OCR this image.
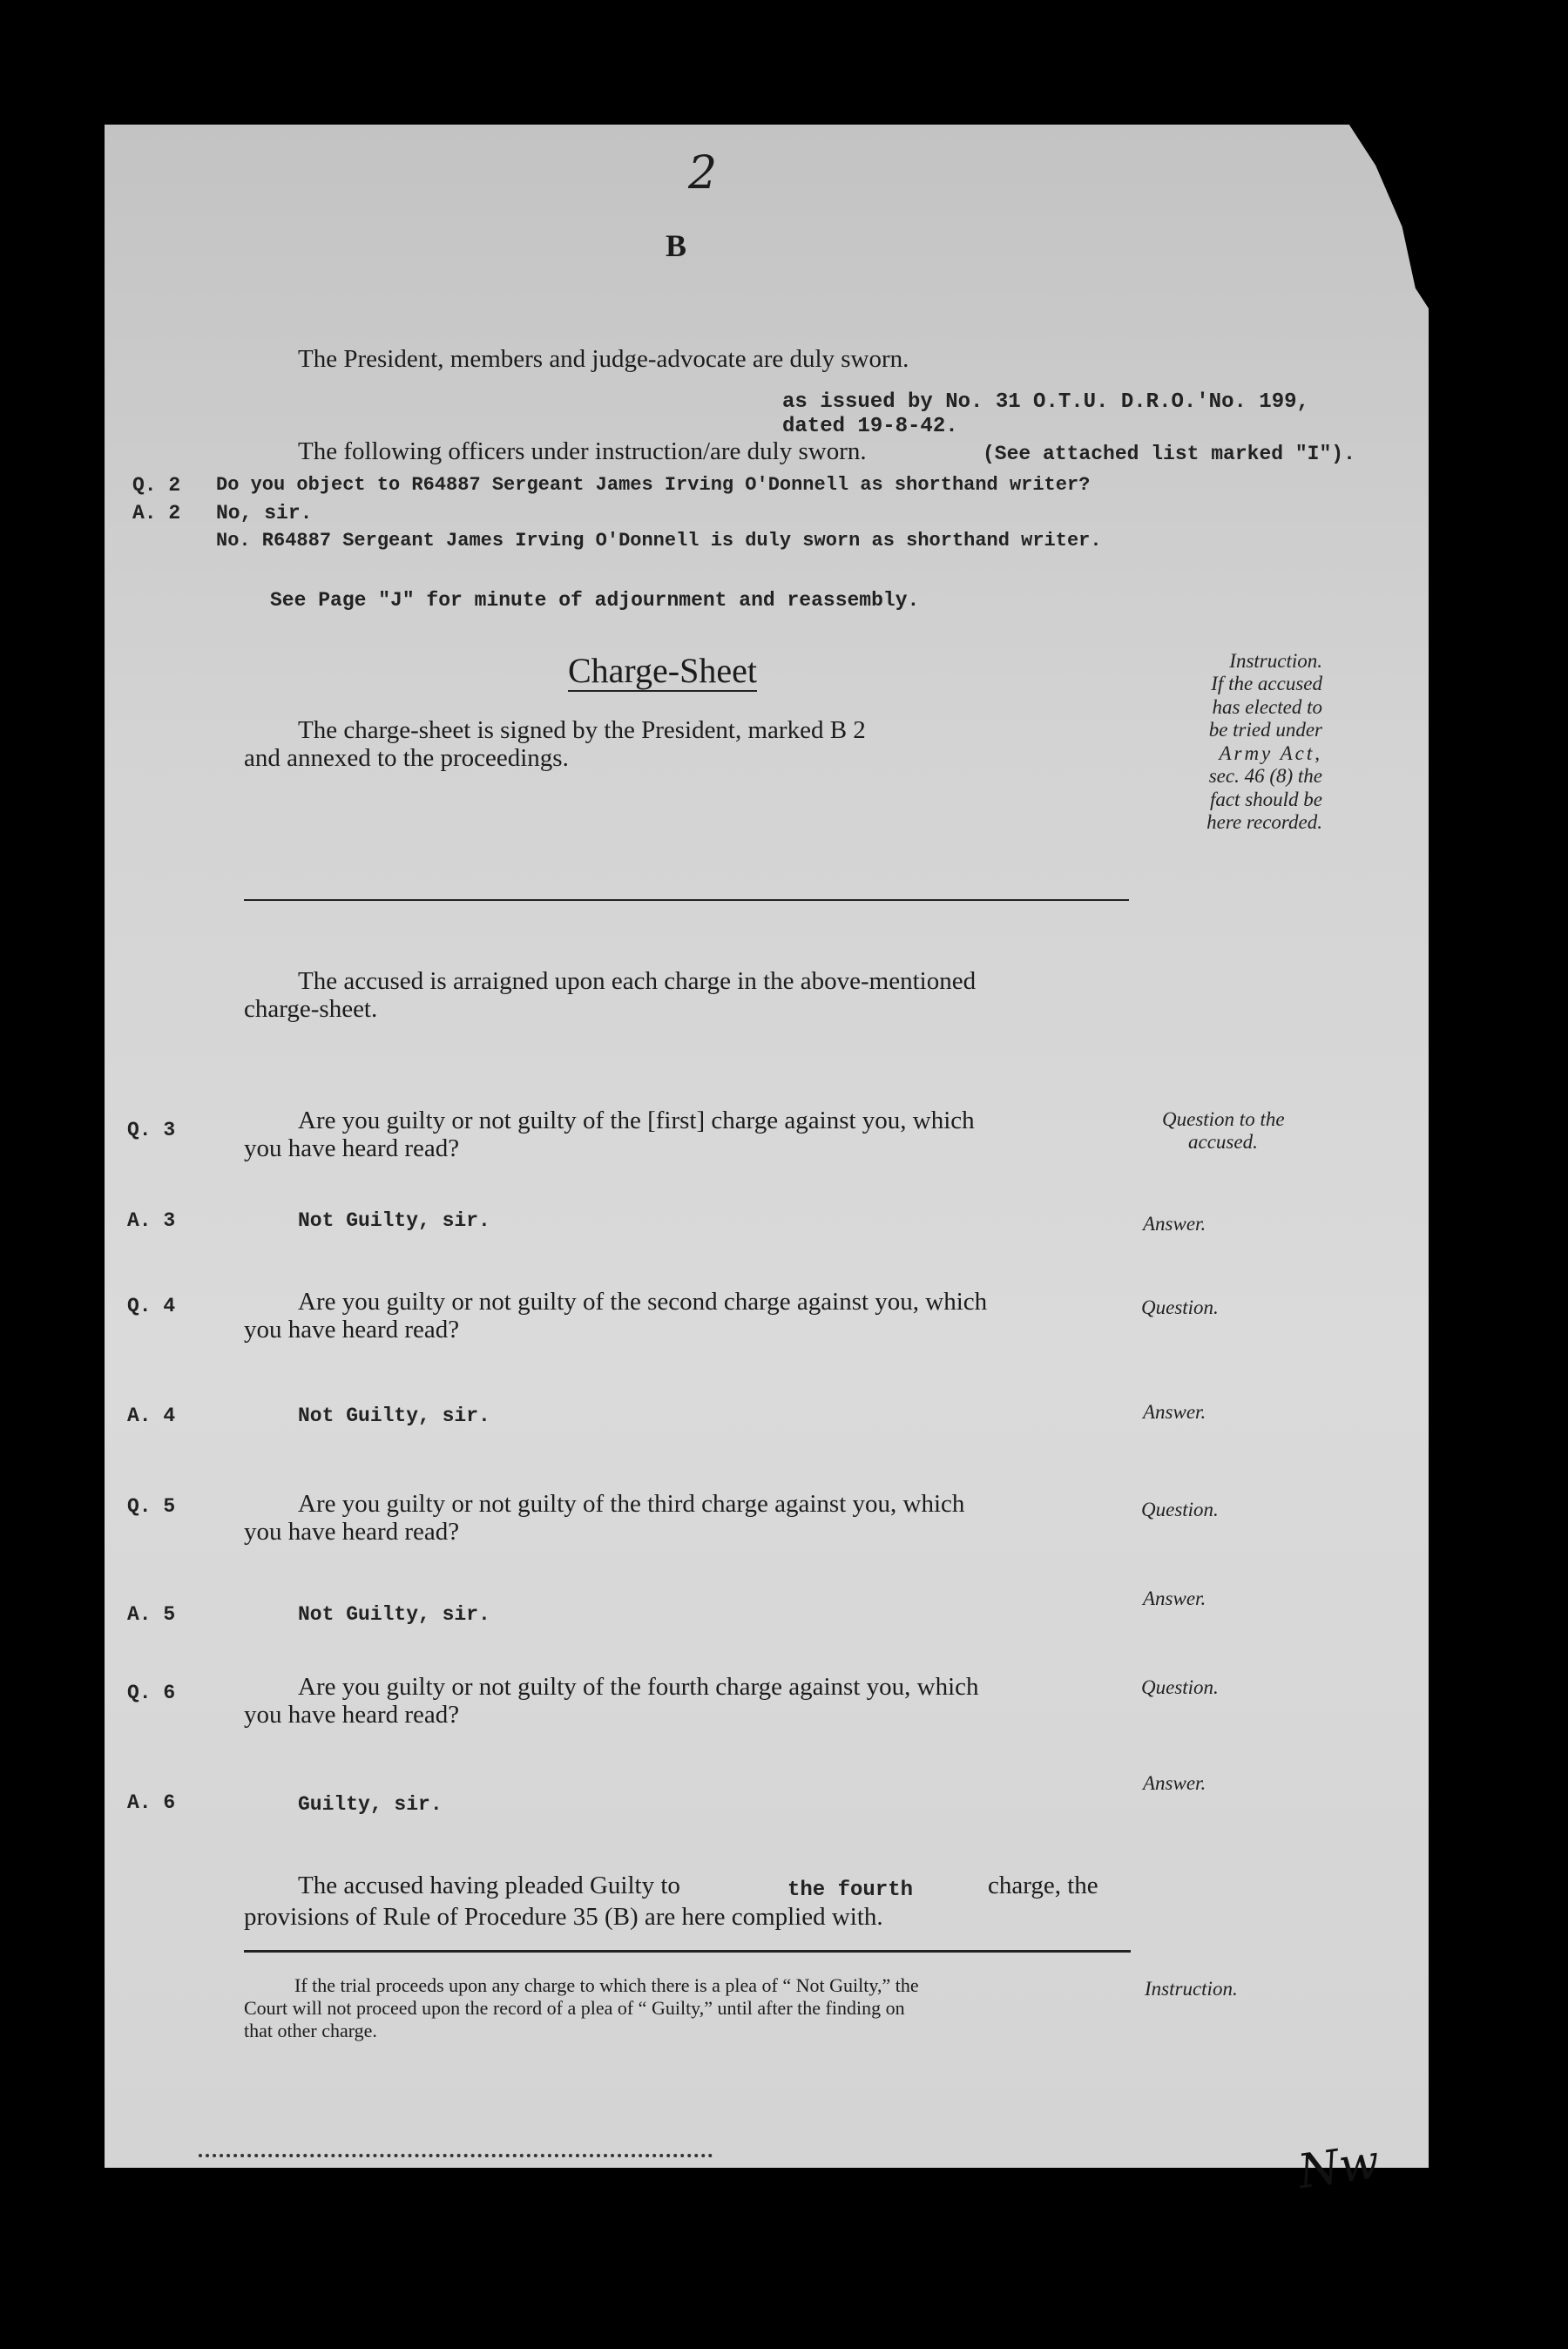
2
B
The President, members and judge-advocate are duly sworn.
as issued by No. 31 O.T.U. D.R.O.'No. 199,
dated 19-8-42.
The following officers under instruction/are duly sworn.	(See attached list marked "I").
Q. 2 Do you object to R64887 Sergeant James Irving O'Donnell as shorthand writer?
A. 2 No, sir.
No. R64887 Sergeant James Irving O'Donnell is duly sworn as shorthand writer.
See Page "J" for minute of adjournment and reassembly.
Charge-Sheet	Instruction.
If the accused
has elected to
be tried under
Army Act,
sec. 46 (8) the
fact should be
here recorded.
The charge-sheet is signed by the President, marked B 2
and annexed to the proceedings.
The accused is arraigned upon each charge in the above-mentioned
charge-sheet.
Q. 3	Are you guilty or not guilty of the [first] charge against you, which
you have heard read?
Question to the
accused.
A. 3	Not Guilty, sir.	Answer.
Q. 4	Are you guilty or not guilty of the second charge against you, which
you have heard read?
Question.
A. 4	Not Guilty, sir.	Answer.
Q. 5	Are you guilty or not guilty of the third charge against you, which
you have heard read?
Question.
A. 5	Not Guilty, sir.
Answer.
Q. 6	Are you guilty or not guilty of the fourth charge against you, which
you have heard read?
Question.
A. 6	Guilty, sir.
Answer.
The accused having pleaded Guilty to	the fourth	charge, the
provisions of Rule of Procedure 35 (B) are here complied with.
If the trial proceeds upon any charge to which there is a plea of “ Not Guilty,” the
Court will not proceed upon the record of a plea of “ Guilty,” until after the finding on
that other charge.
Instruction.
Nw
